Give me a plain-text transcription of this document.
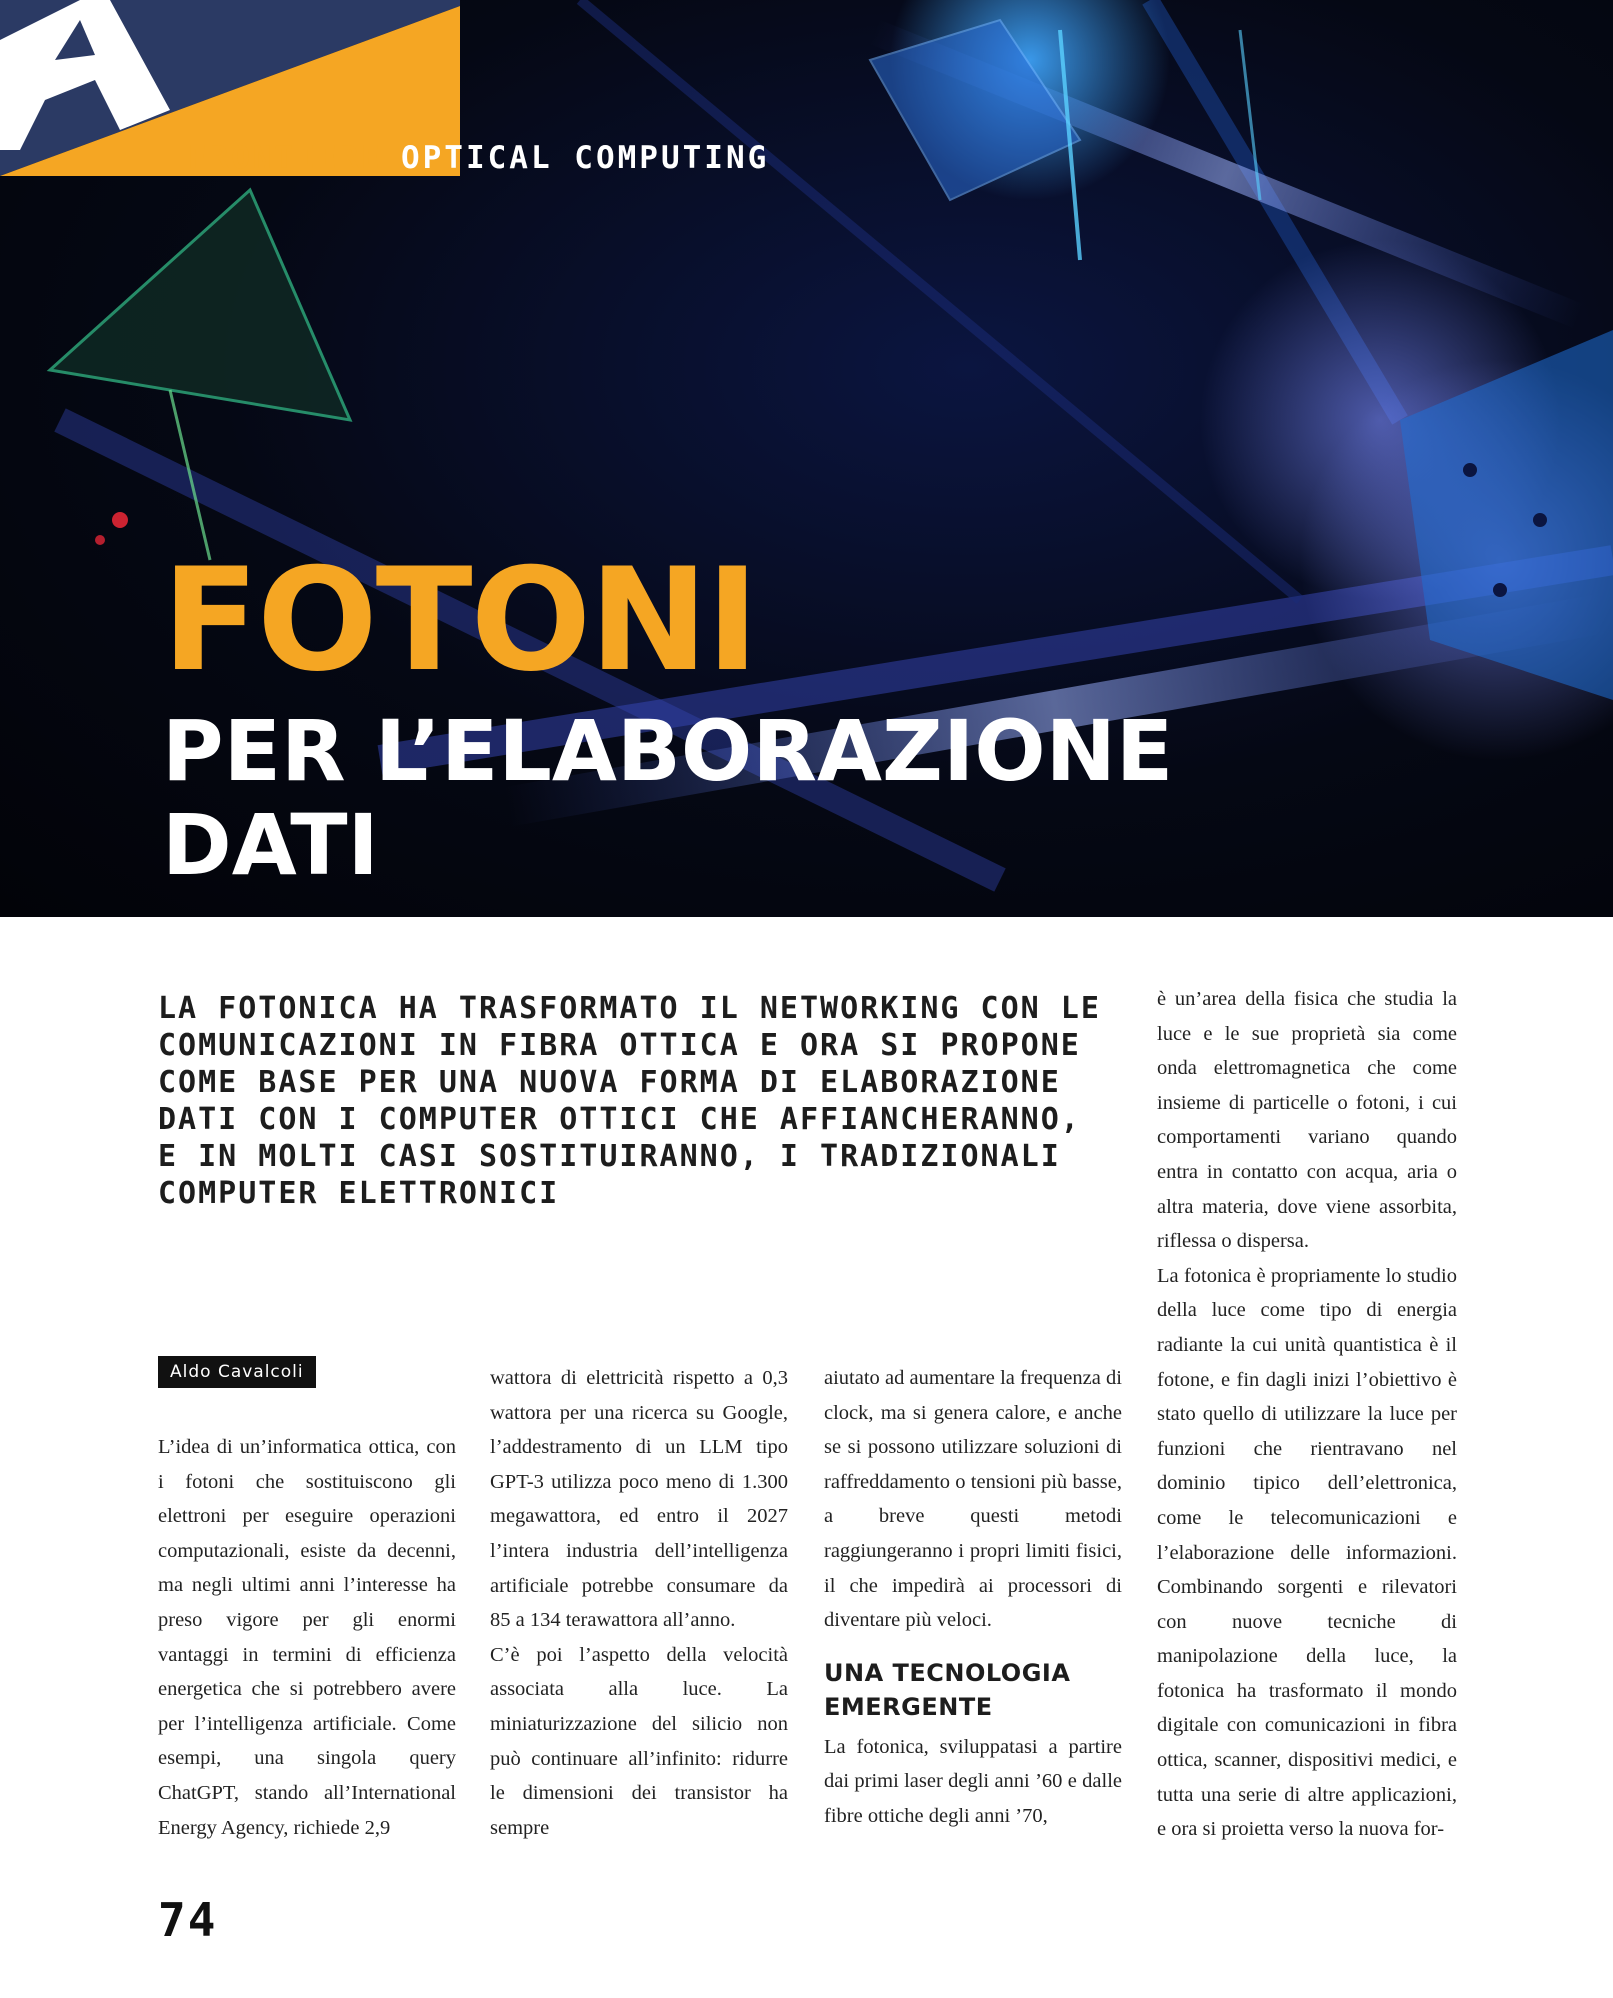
FRONTIERE OPTICAL COMPUTING
FOTONI
PER L’ELABORAZIONE
DATI
LA FOTONICA HA TRASFORMATO IL NETWORKING CON LE COMUNICAZIONI IN FIBRA OTTICA E ORA SI PROPONE COME BASE PER UNA NUOVA FORMA DI ELABORAZIONE DATI CON I COMPUTER OTTICI CHE AFFIANCHERANNO, E IN MOLTI CASI SOSTITUIRANNO, I TRADIZIONALI COMPUTER ELETTRONICI
Aldo Cavalcoli

L’idea di un’informatica ottica, con i fotoni che sostituiscono gli elettroni per eseguire operazioni computazionali, esiste da decenni, ma negli ultimi anni l’interesse ha preso vigore per gli enormi vantaggi in termini di efficienza energetica che si potrebbero avere per l’intelligenza artificiale. Come esempi, una singola query ChatGPT, stando all’International Energy Agency, richiede 2,9

wattora di elettricità rispetto a 0,3 wattora per una ricerca su Google, l’addestramento di un LLM tipo GPT-3 utilizza poco meno di 1.300 megawattora, ed entro il 2027 l’intera industria dell’intelligenza artificiale potrebbe consumare da 85 a 134 terawattora all’anno.

C’è poi l’aspetto della velocità associata alla luce. La miniaturizzazione del silicio non può continuare all’infinito: ridurre le dimensioni dei transistor ha sempre

aiutato ad aumentare la frequenza di clock, ma si genera calore, e anche se si possono utilizzare soluzioni di raffreddamento o tensioni più basse, a breve questi metodi raggiungeranno i propri limiti fisici, il che impedirà ai processori di diventare più veloci.

UNA TECNOLOGIA EMERGENTE

La fotonica, sviluppatasi a partire dai primi laser degli anni ’60 e dalle fibre ottiche degli anni ’70,

è un’area della fisica che studia la luce e le sue proprietà sia come onda elettromagnetica che come insieme di particelle o fotoni, i cui comportamenti variano quando entra in contatto con acqua, aria o altra materia, dove viene assorbita, riflessa o dispersa.

La fotonica è propriamente lo studio della luce come tipo di energia radiante la cui unità quantistica è il fotone, e fin dagli inizi l’obiettivo è stato quello di utilizzare la luce per funzioni che rientravano nel dominio tipico dell’elettronica, come le telecomunicazioni e l’elaborazione delle informazioni. Combinando sorgenti e rilevatori con nuove tecniche di manipolazione della luce, la fotonica ha trasformato il mondo digitale con comunicazioni in fibra ottica, scanner, dispositivi medici, e tutta una serie di altre applicazioni, e ora si proietta verso la nuova for-

74
